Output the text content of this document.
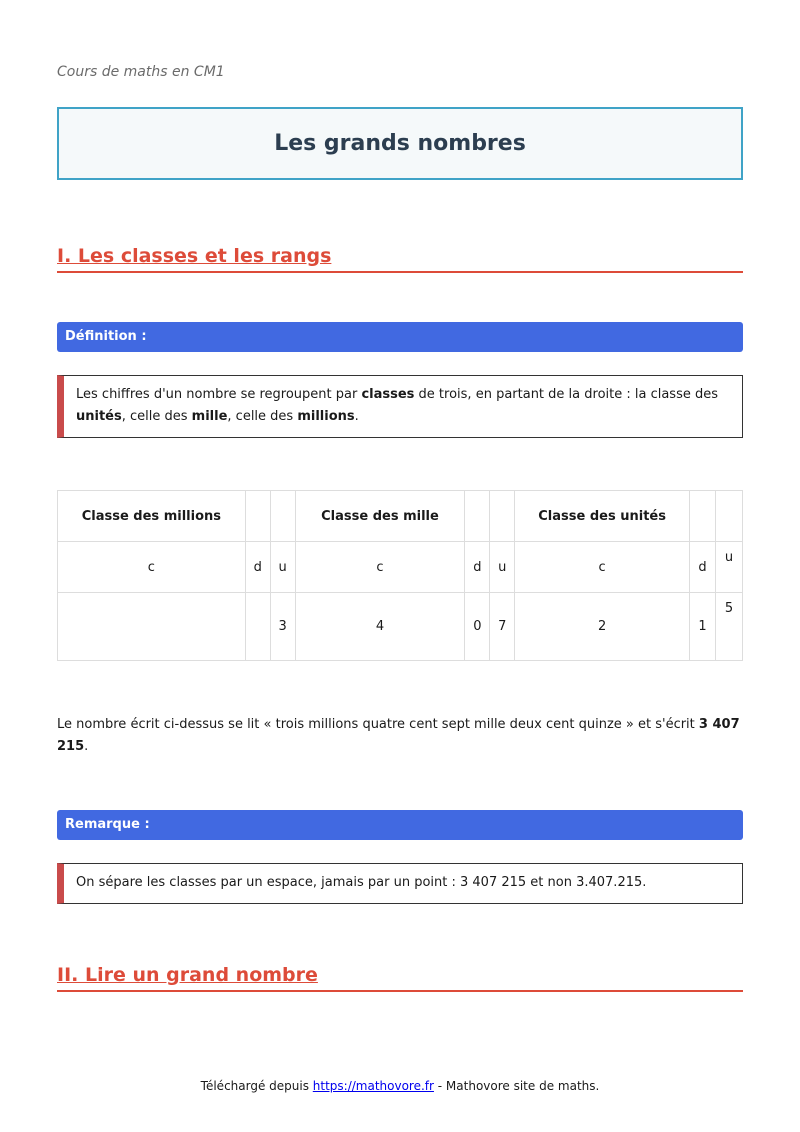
Cours de maths en CM1
Les grands nombres
I. Les classes et les rangs
Définition :
Les chiffres d'un nombre se regroupent par classes de trois, en partant de la droite : la classe des unités, celle des mille, celle des millions.
Classe des millions			Classe des mille			Classe des unités		
c	d	u	c	d	u	c	d	u
		3	4	0	7	2	1	5

Le nombre écrit ci-dessus se lit « trois millions quatre cent sept mille deux cent quinze » et s'écrit 3 407 215.

Remarque :
On sépare les classes par un espace, jamais par un point : 3 407 215 et non 3.407.215.
II. Lire un grand nombre
Téléchargé depuis https://mathovore.fr - Mathovore site de maths.
